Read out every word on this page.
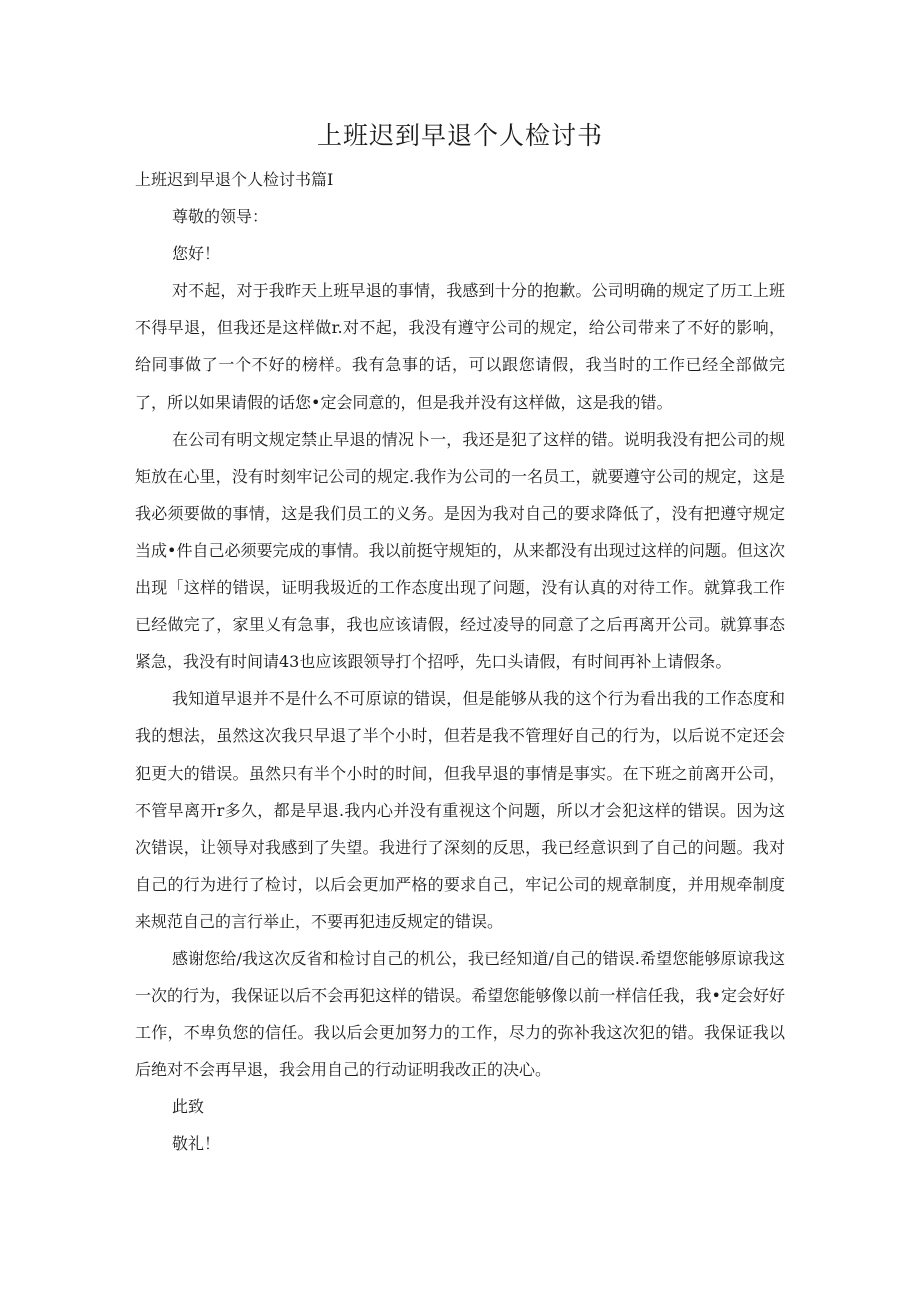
上班迟到早退个人检讨书

上班迟到早退个人检讨书篇I

尊敬的领导：

您好！

对不起，对于我昨天上班早退的事情，我感到十分的抱歉。公司明确的规定了历工上班不得早退，但我还是这样做r.对不起，我没有遵守公司的规定，给公司带来了不好的影响，给同事做了一个不好的榜样。我有急事的话，可以跟您请假，我当时的工作已经全部做完了，所以如果请假的话您•定会同意的，但是我并没有这样做，这是我的错。

在公司有明文规定禁止早退的情况卜一，我还是犯了这样的错。说明我没有把公司的规矩放在心里，没有时刻牢记公司的规定.我作为公司的一名员工，就要遵守公司的规定，这是我必须要做的事情，这是我们员工的义务。是因为我对自己的要求降低了，没有把遵守规定当成•件自己必须要完成的事情。我以前挺守规矩的，从来都没有出现过这样的问题。但这次出现「这样的错误，证明我圾近的工作态度出现了问题，没有认真的对待工作。就算我工作已经做完了，家里乂有急事，我也应该请假，经过凌导的同意了之后再离开公司。就算事态紧急，我没有时间请43也应该跟领导打个招呼，先口头请假，有时间再补上请假条。

我知道早退并不是什么不可原谅的错误，但是能够从我的这个行为看出我的工作态度和我的想法，虽然这次我只早退了半个小时，但若是我不管理好自己的行为，以后说不定还会犯更大的错误。虽然只有半个小时的时间，但我早退的事情是事实。在下班之前离开公司，不管早离开r多久，都是早退.我内心并没有重视这个问题，所以才会犯这样的错误。因为这次错误，让领导对我感到了失望。我进行了深刻的反思，我已经意识到了自己的问题。我对自己的行为进行了检讨，以后会更加严格的要求自己，牢记公司的规章制度，并用规牵制度来规范自己的言行举止，不要再犯违反规定的错误。

感谢您给/我这次反省和检讨自己的机公，我已经知道/自己的错误.希望您能够原谅我这一次的行为，我保证以后不会再犯这样的错误。希望您能够像以前一样信任我，我•定会好好工作，不卑负您的信任。我以后会更加努力的工作，尽力的弥补我这次犯的错。我保证我以后绝对不会再早退，我会用自己的行动证明我改正的决心。

此致

敬礼！
